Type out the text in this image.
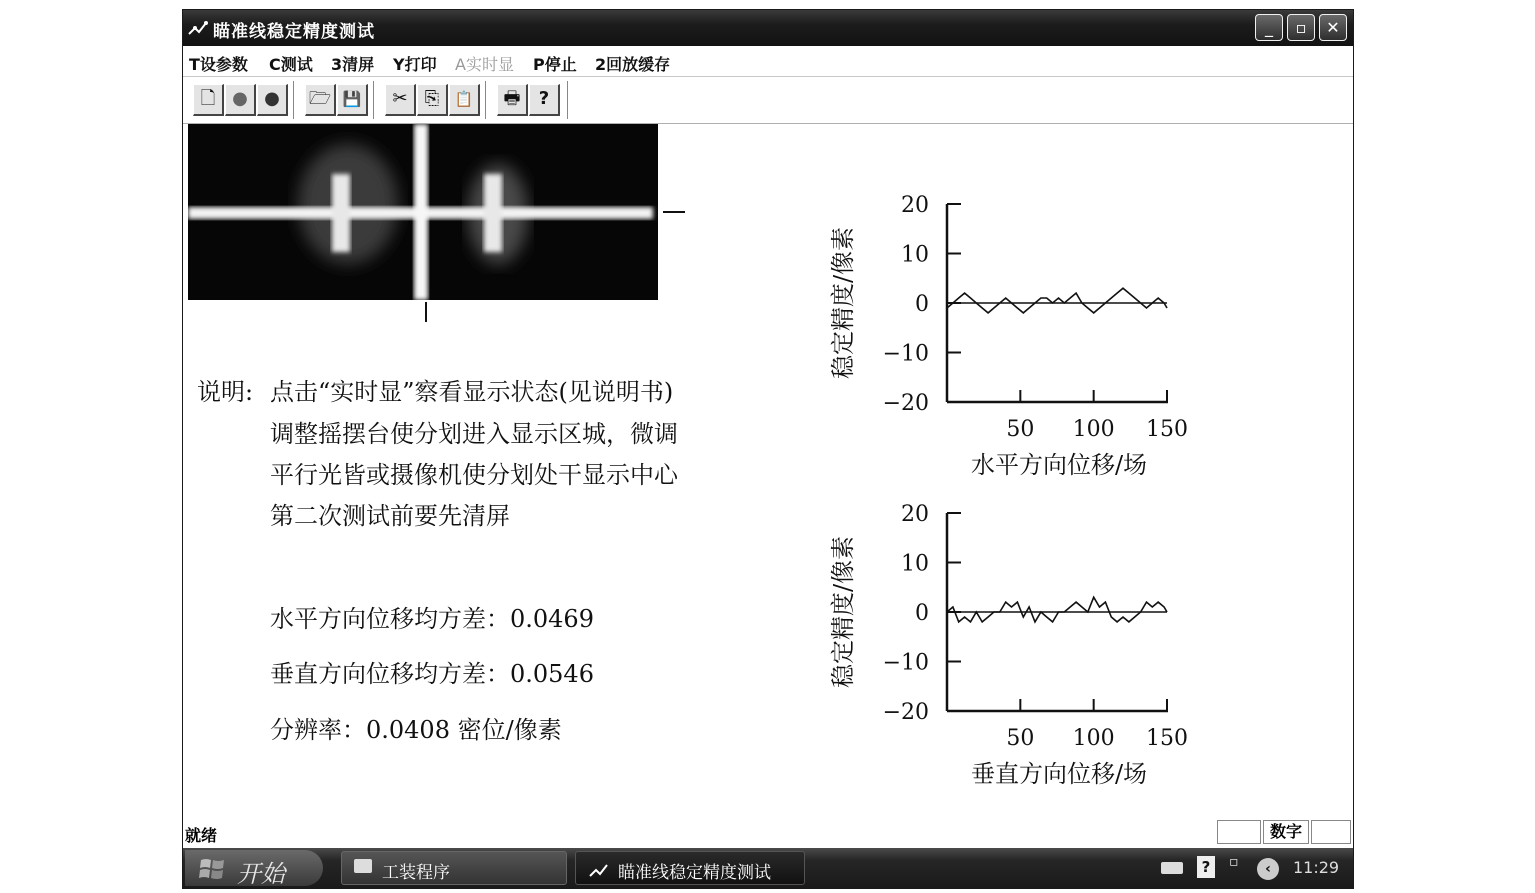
瞄准线稳定精度测试	_	▫	✕
T设参数 C测试 3清屏 Y打印 A实时显 P停止 2回放缓存
🗋 ● ●	🗁 💾	✂ ⎘	📋	🖶	?
说明: 点击“实时显”察看显示状态(见说明书)
调整摇摆台使分划进入显示区城，微调
平行光皆或摄像机使分划处干显示中心
第二次测试前要先清屏
水平方向位移均方差：0.0469
垂直方向位移均方差：0.0546
分辨率：0.0408 密位/像素
20
10
0
−10
−20
50 100 150
水平方向位移/场
稳定精度/像素
20
10
0
−10
−20
50 100 150
垂直方向位移/场
稳定精度/像素
就绪	数字
开始	工装程序	瞄准线稳定精度测试	?	▫	‹	11:29
